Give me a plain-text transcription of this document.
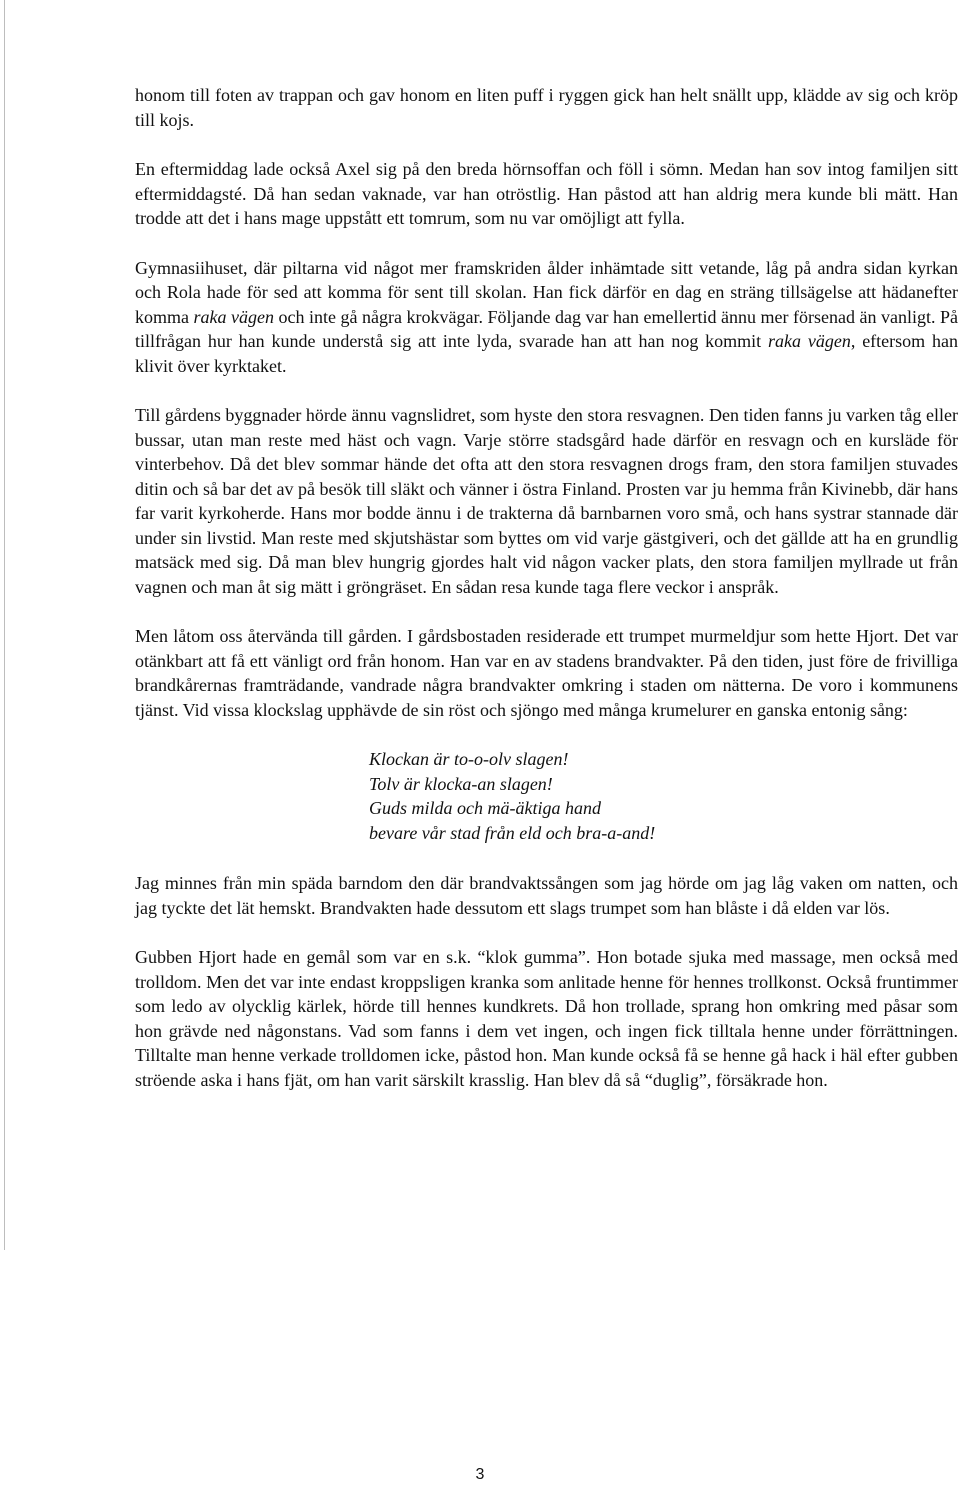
honom till foten av trappan och gav honom en liten puff i ryggen gick han helt snällt upp, klädde av sig och kröp till kojs.

En eftermiddag lade också Axel sig på den breda hörnsoffan och föll i sömn. Medan han sov intog familjen sitt eftermiddagsté. Då han sedan vaknade, var han otröstlig. Han påstod att han aldrig mera kunde bli mätt. Han trodde att det i hans mage uppstått ett tomrum, som nu var omöjligt att fylla.

Gymnasiihuset, där piltarna vid något mer framskriden ålder inhämtade sitt vetande, låg på andra sidan kyrkan och Rola hade för sed att komma för sent till skolan. Han fick därför en dag en sträng tillsägelse att hädanefter komma raka vägen och inte gå några krokvägar. Följande dag var han emellertid ännu mer försenad än vanligt. På tillfrågan hur han kunde understå sig att inte lyda, svarade han att han nog kommit raka vägen, eftersom han klivit över kyrktaket.

Till gårdens byggnader hörde ännu vagnslidret, som hyste den stora resvagnen. Den tiden fanns ju varken tåg eller bussar, utan man reste med häst och vagn. Varje större stadsgård hade därför en resvagn och en kursläde för vinterbehov. Då det blev sommar hände det ofta att den stora resvagnen drogs fram, den stora familjen stuvades ditin och så bar det av på besök till släkt och vänner i östra Finland. Prosten var ju hemma från Kivinebb, där hans far varit kyrkoherde. Hans mor bodde ännu i de trakterna då barnbarnen voro små, och hans systrar stannade där under sin livstid. Man reste med skjutshästar som byttes om vid varje gästgiveri, och det gällde att ha en grundlig matsäck med sig. Då man blev hungrig gjordes halt vid någon vacker plats, den stora familjen myllrade ut från vagnen och man åt sig mätt i gröngräset. En sådan resa kunde taga flere veckor i anspråk.

Men låtom oss återvända till gården. I gårdsbostaden residerade ett trumpet murmeldjur som hette Hjort. Det var otänkbart att få ett vänligt ord från honom. Han var en av stadens brandvakter. På den tiden, just före de frivilliga brandkårernas framträdande, vandrade några brandvakter omkring i staden om nätterna. De voro i kommunens tjänst. Vid vissa klockslag upphävde de sin röst och sjöngo med många krumelurer en ganska entonig sång:

Klockan är to-o-olv slagen!
Tolv är klocka-an slagen!
Guds milda och mä-äktiga hand
bevare vår stad från eld och bra-a-and!

Jag minnes från min späda barndom den där brandvaktssången som jag hörde om jag låg vaken om natten, och jag tyckte det lät hemskt. Brandvakten hade dessutom ett slags trumpet som han blåste i då elden var lös.

Gubben Hjort hade en gemål som var en s.k. “klok gumma”. Hon botade sjuka med massage, men också med trolldom. Men det var inte endast kroppsligen kranka som anlitade henne för hennes trollkonst. Också fruntimmer som ledo av olycklig kärlek, hörde till hennes kundkrets. Då hon trollade, sprang hon omkring med påsar som hon grävde ned någonstans. Vad som fanns i dem vet ingen, och ingen fick tilltala henne under förrättningen. Tilltalte man henne verkade trolldomen icke, påstod hon. Man kunde också få se henne gå hack i häl efter gubben ströende aska i hans fjät, om han varit särskilt krasslig. Han blev då så “duglig”, försäkrade hon.

3
